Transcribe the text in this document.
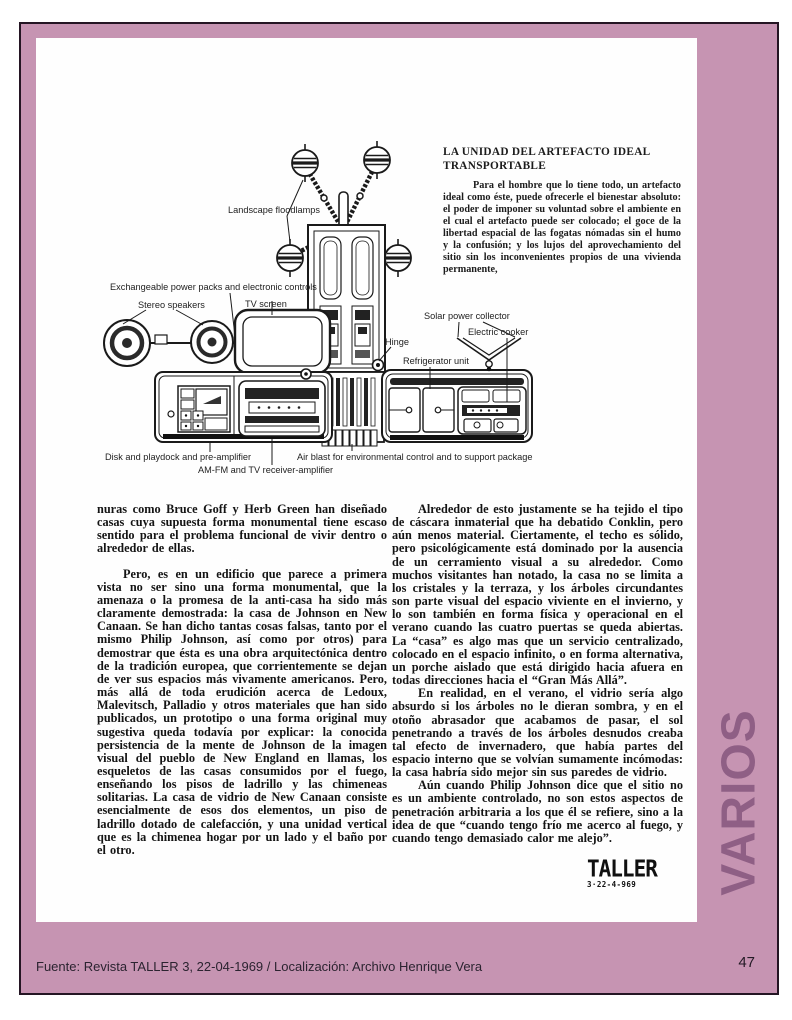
Landscape floodlamps
Exchangeable power packs and electronic controls
Stereo speakers	TV screen
Solar power collector
Electric cooker
Hinge
Refrigerator unit
Disk and playdock and pre-amplifier
AM-FM and TV receiver-amplifier
Air blast for environmental control and to support package
LA UNIDAD DEL ARTEFACTO IDEAL TRANSPORTABLE
Para el hombre que lo tiene todo, un artefacto ideal como éste, puede ofrecerle el bienestar absoluto: el poder de imponer su voluntad sobre el ambiente en el cual el artefacto puede ser colocado; el goce de la libertad espacial de las fogatas nómadas sin el humo y la confusión; y los lujos del aprovechamiento del sitio sin los inconvenientes propios de una vivienda permanente,

nuras como Bruce Goff y Herb Green han diseñado casas cuya supuesta forma monumental tiene escaso sentido para el problema funcional de vivir dentro o alrededor de ellas.

Pero, es en un edificio que parece a primera vista no ser sino una forma monumental, que la amenaza o la promesa de la anti-casa ha sido más claramente demostrada: la casa de Johnson en New Canaan. Se han dicho tantas cosas falsas, tanto por el mismo Philip Johnson, así como por otros) para demostrar que ésta es una obra arquitectónica dentro de la tradición europea, que corrientemente se dejan de ver sus espacios más vivamente americanos. Pero, más allá de toda erudición acerca de Ledoux, Malevitsch, Palladio y otros materiales que han sido publicados, un prototipo o una forma original muy sugestiva queda todavía por explicar: la conocida persistencia de la mente de Johnson de la imagen visual del pueblo de New England en llamas, los esqueletos de las casas consumidos por el fuego, enseñando los pisos de ladrillo y las chimeneas solitarias. La casa de vidrio de New Canaan consiste esencialmente de esos dos elementos, un piso de ladrillo dotado de calefacción, y una unidad vertical que es la chimenea hogar por un lado y el baño por el otro.

Alrededor de esto justamente se ha tejido el tipo de cáscara inmaterial que ha debatido Conklin, pero aún menos material. Ciertamente, el techo es sólido, pero psicológicamente está dominado por la ausencia de un cerramiento visual a su alrededor. Como muchos visitantes han notado, la casa no se limita a los cristales y la terraza, y los árboles circundantes son parte visual del espacio viviente en el invierno, y lo son también en forma física y operacional en el verano cuando las cuatro puertas se queda abiertas. La “casa” es algo mas que un servicio centralizado, colocado en el espacio infinito, o en forma alternativa, un porche aislado que está dirigido hacia afuera en todas direcciones hacia el “Gran Más Allá”.

En realidad, en el verano, el vidrio sería algo absurdo si los árboles no le dieran sombra, y en el otoño abrasador que acabamos de pasar, el sol penetrando a través de los árboles desnudos creaba tal efecto de invernadero, que había partes del espacio interno que se volvían sumamente incómodas: la casa habría sido mejor sin sus paredes de vidrio.

Aún cuando Philip Johnson dice que el sitio no es un ambiente controlado, no son estos aspectos de penetración arbitraria a los que él se refiere, sino a la idea de que “cuando tengo frío me acerco al fuego, y cuando tengo demasiado calor me alejo”.

TALLER
3·22-4-969	VARIOS
Fuente: Revista TALLER 3, 22-04-1969 / Localización: Archivo Henrique Vera	47
